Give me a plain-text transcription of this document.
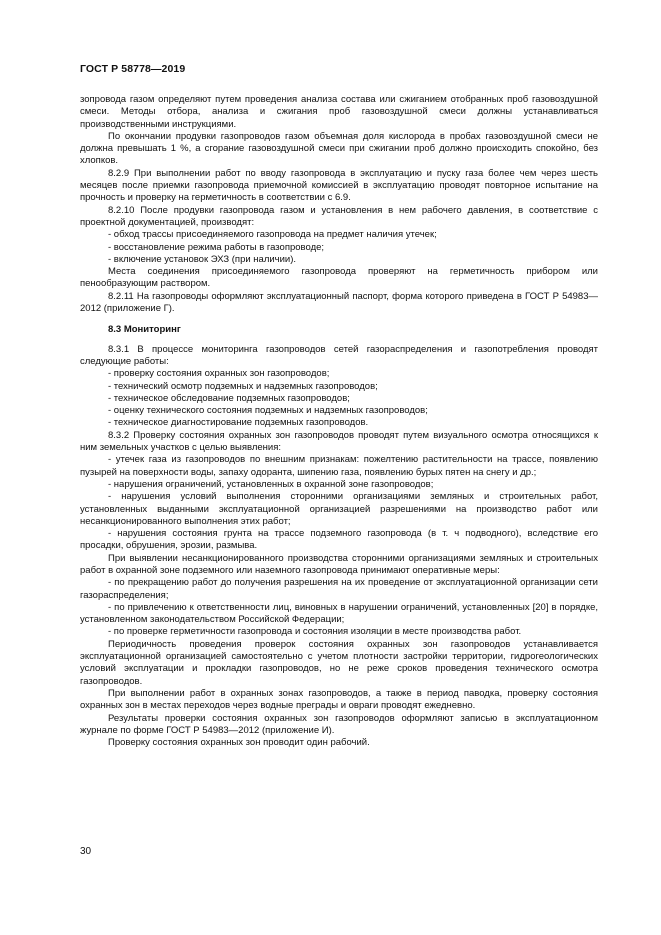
ГОСТ Р 58778—2019

зопровода газом определяют путем проведения анализа состава или сжиганием отобранных проб газовоздушной смеси. Методы отбора, анализа и сжигания проб газовоздушной смеси должны устанавливаться производственными инструкциями.

По окончании продувки газопроводов газом объемная доля кислорода в пробах газовоздушной смеси не должна превышать 1 %, а сгорание газовоздушной смеси при сжигании проб должно происходить спокойно, без хлопков.

8.2.9 При выполнении работ по вводу газопровода в эксплуатацию и пуску газа более чем через шесть месяцев после приемки газопровода приемочной комиссией в эксплуатацию проводят повторное испытание на прочность и проверку на герметичность в соответствии с 6.9.

8.2.10 После продувки газопровода газом и установления в нем рабочего давления, в соответствие с проектной документацией, производят:

- обход трассы присоединяемого газопровода на предмет наличия утечек;

- восстановление режима работы в газопроводе;

- включение установок ЭХЗ (при наличии).

Места соединения присоединяемого газопровода проверяют на герметичность прибором или пенообразующим раствором.

8.2.11 На газопроводы оформляют эксплуатационный паспорт, форма которого приведена в ГОСТ Р 54983—2012 (приложение Г).

8.3 Мониторинг

8.3.1 В процессе мониторинга газопроводов сетей газораспределения и газопотребления проводят следующие работы:

- проверку состояния охранных зон газопроводов;

- технический осмотр подземных и надземных газопроводов;

- техническое обследование подземных газопроводов;

- оценку технического состояния подземных и надземных газопроводов;

- техническое диагностирование подземных газопроводов.

8.3.2 Проверку состояния охранных зон газопроводов проводят путем визуального осмотра относящихся к ним земельных участков с целью выявления:

- утечек газа из газопроводов по внешним признакам: пожелтению растительности на трассе, появлению пузырей на поверхности воды, запаху одоранта, шипению газа, появлению бурых пятен на снегу и др.;

- нарушения ограничений, установленных в охранной зоне газопроводов;

- нарушения условий выполнения сторонними организациями земляных и строительных работ, установленных выданными эксплуатационной организацией разрешениями на производство работ или несанкционированного выполнения этих работ;

- нарушения состояния грунта на трассе подземного газопровода (в т. ч подводного), вследствие его просадки, обрушения, эрозии, размыва.

При выявлении несанкционированного производства сторонними организациями земляных и строительных работ в охранной зоне подземного или наземного газопровода принимают оперативные меры:

- по прекращению работ до получения разрешения на их проведение от эксплуатационной организации сети газораспределения;

- по привлечению к ответственности лиц, виновных в нарушении ограничений, установленных [20] в порядке, установленном законодательством Российской Федерации;

- по проверке герметичности газопровода и состояния изоляции в месте производства работ.

Периодичность проведения проверок состояния охранных зон газопроводов устанавливается эксплуатационной организацией самостоятельно с учетом плотности застройки территории, гидрогеологических условий эксплуатации и прокладки газопроводов, но не реже сроков проведения технического осмотра газопроводов.

При выполнении работ в охранных зонах газопроводов, а также в период паводка, проверку состояния охранных зон в местах переходов через водные преграды и овраги проводят ежедневно.

Результаты проверки состояния охранных зон газопроводов оформляют записью в эксплуатационном журнале по форме ГОСТ Р 54983—2012 (приложение И).

Проверку состояния охранных зон проводит один рабочий.

30
